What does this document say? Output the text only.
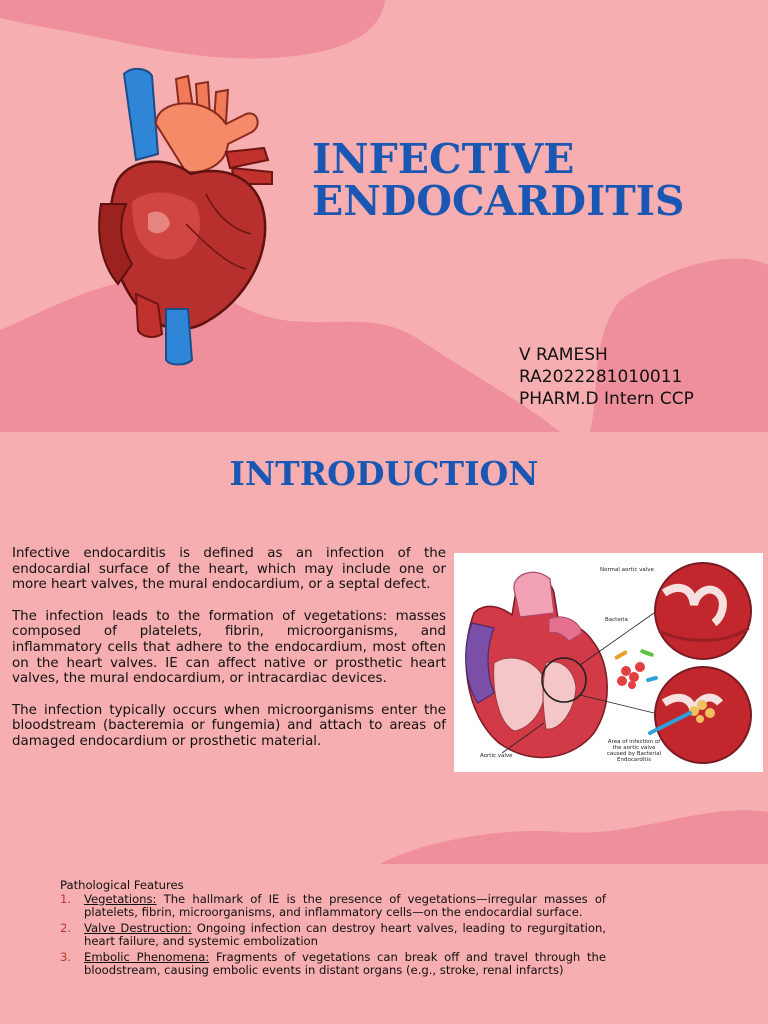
INFECTIVE
ENDOCARDITIS
V RAMESH
RA2022281010011
PHARM.D Intern CCP
INTRODUCTION

Infective endocarditis is defined as an infection of the endocardial surface of the heart, which may include one or more heart valves, the mural endocardium, or a septal defect.

The infection leads to the formation of vegetations: masses composed of platelets, fibrin, microorganisms, and inflammatory cells that adhere to the endocardium, most often on the heart valves. IE can affect native or prosthetic heart valves, the mural endocardium, or intracardiac devices.

The infection typically occurs when microorganisms enter the bloodstream (bacteremia or fungemia) and attach to areas of damaged endocardium or prosthetic material.

Normal aortic valve
Bacteria
Aortic valve
Area of infection of the aortic valve caused by Bacterial Endocarditis
Pathological Features
1. Vegetations: The hallmark of IE is the presence of vegetations—irregular masses of platelets, fibrin, microorganisms, and inflammatory cells—on the endocardial surface.
2. Valve Destruction: Ongoing infection can destroy heart valves, leading to regurgitation, heart failure, and systemic embolization
3. Embolic Phenomena: Fragments of vegetations can break off and travel through the bloodstream, causing embolic events in distant organs (e.g., stroke, renal infarcts)
